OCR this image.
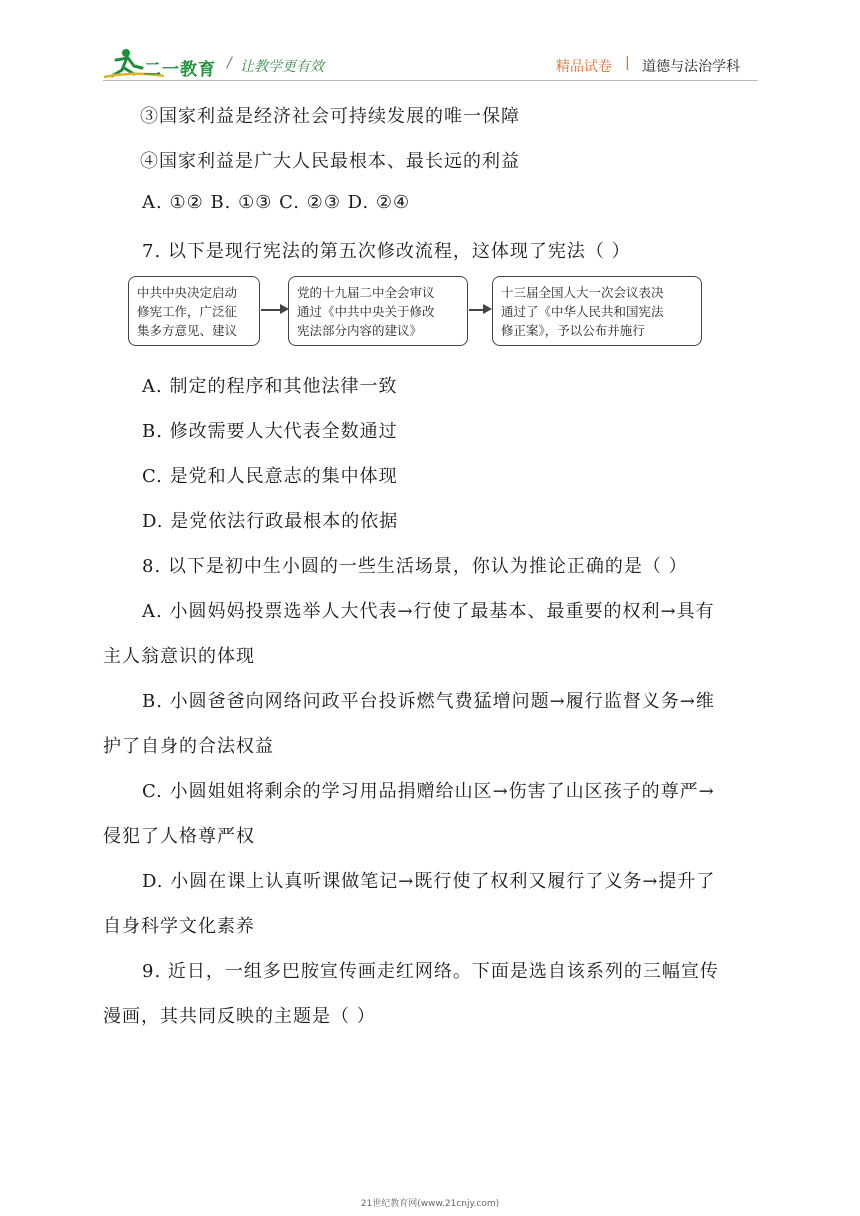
二一教育 / 让教学更有效	精品试卷 | 道德与法治学科
③国家利益是经济社会可持续发展的唯一保障
④国家利益是广大人民最根本、最长远的利益
A. ①② B. ①③ C. ②③ D. ②④
7. 以下是现行宪法的第五次修改流程，这体现了宪法（ ）
中共中央决定启动
修宪工作，广泛征
集多方意见、建议
党的十九届二中全会审议
通过《中共中央关于修改
宪法部分内容的建议》
十三届全国人大一次会议表决
通过了《中华人民共和国宪法
修正案》，予以公布并施行
A. 制定的程序和其他法律一致
B. 修改需要人大代表全数通过
C. 是党和人民意志的集中体现
D. 是党依法行政最根本的依据
8. 以下是初中生小圆的一些生活场景，你认为推论正确的是（ ）
A. 小圆妈妈投票选举人大代表→行使了最基本、最重要的权利→具有
主人翁意识的体现
B. 小圆爸爸向网络问政平台投诉燃气费猛增问题→履行监督义务→维
护了自身的合法权益
C. 小圆姐姐将剩余的学习用品捐赠给山区→伤害了山区孩子的尊严→
侵犯了人格尊严权
D. 小圆在课上认真听课做笔记→既行使了权利又履行了义务→提升了
自身科学文化素养
9. 近日，一组多巴胺宣传画走红网络。下面是选自该系列的三幅宣传
漫画，其共同反映的主题是（ ）
21世纪教育网(www.21cnjy.com)
